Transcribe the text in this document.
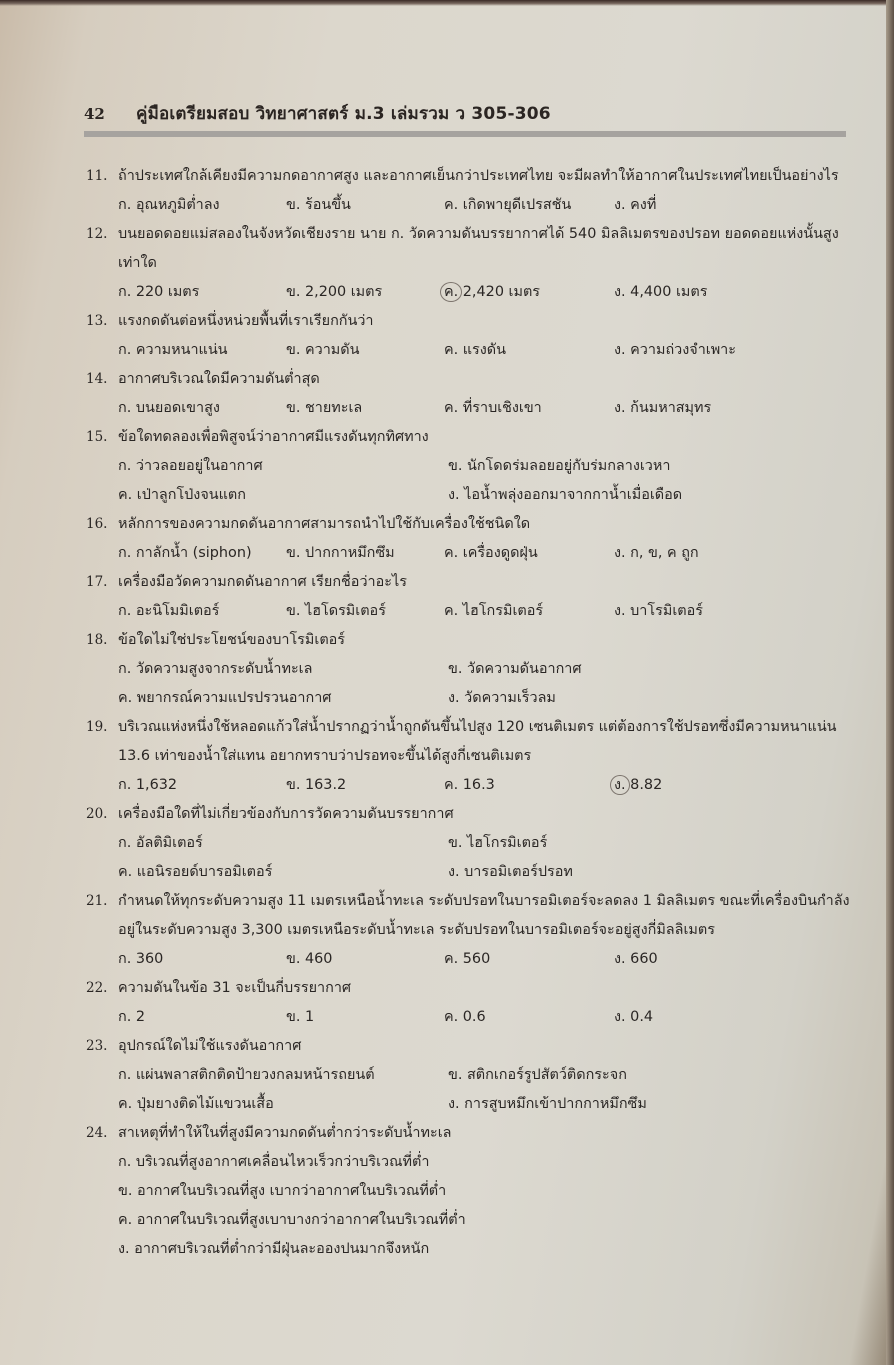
42	คู่มือเตรียมสอบ วิทยาศาสตร์ ม.3 เล่มรวม ว 305-306
11. ถ้าประเทศใกล้เคียงมีความกดอากาศสูง และอากาศเย็นกว่าประเทศไทย จะมีผลทำให้อากาศในประเทศไทยเป็นอย่างไร
ก. อุณหภูมิต่ำลง	ข. ร้อนขึ้น	ค. เกิดพายุดีเปรสชัน	ง. คงที่
12. บนยอดดอยแม่สลองในจังหวัดเชียงราย นาย ก. วัดความดันบรรยากาศได้ 540 มิลลิเมตรของปรอท ยอดดอยแห่งนั้นสูงเท่าใด
ก. 220 เมตร	ข. 2,200 เมตร	ค. 2,420 เมตร	ง. 4,400 เมตร
13. แรงกดดันต่อหนึ่งหน่วยพื้นที่เราเรียกกันว่า
ก. ความหนาแน่น	ข. ความดัน	ค. แรงดัน	ง. ความถ่วงจำเพาะ
14. อากาศบริเวณใดมีความดันต่ำสุด
ก. บนยอดเขาสูง	ข. ชายทะเล	ค. ที่ราบเชิงเขา	ง. ก้นมหาสมุทร
15. ข้อใดทดลองเพื่อพิสูจน์ว่าอากาศมีแรงดันทุกทิศทาง
ก. ว่าวลอยอยู่ในอากาศ	ข. นักโดดร่มลอยอยู่กับร่มกลางเวหา
ค. เป่าลูกโป่งจนแตก	ง. ไอน้ำพลุ่งออกมาจากกาน้ำเมื่อเดือด
16. หลักการของความกดดันอากาศสามารถนำไปใช้กับเครื่องใช้ชนิดใด
ก. กาลักน้ำ (siphon)	ข. ปากกาหมึกซึม	ค. เครื่องดูดฝุ่น	ง. ก, ข, ค ถูก
17. เครื่องมือวัดความกดดันอากาศ เรียกชื่อว่าอะไร
ก. อะนิโมมิเตอร์	ข. ไฮโดรมิเตอร์	ค. ไฮโกรมิเตอร์	ง. บาโรมิเตอร์
18. ข้อใดไม่ใช่ประโยชน์ของบาโรมิเตอร์
ก. วัดความสูงจากระดับน้ำทะเล	ข. วัดความดันอากาศ
ค. พยากรณ์ความแปรปรวนอากาศ	ง. วัดความเร็วลม
19. บริเวณแห่งหนึ่งใช้หลอดแก้วใส่น้ำปรากฏว่าน้ำถูกดันขึ้นไปสูง 120 เซนติเมตร แต่ต้องการใช้ปรอทซึ่งมีความหนาแน่น 13.6 เท่าของน้ำใส่แทน อยากทราบว่าปรอทจะขึ้นได้สูงกี่เซนติเมตร
ก. 1,632	ข. 163.2	ค. 16.3	ง. 8.82
20. เครื่องมือใดที่ไม่เกี่ยวข้องกับการวัดความดันบรรยากาศ
ก. อัลติมิเตอร์	ข. ไฮโกรมิเตอร์
ค. แอนิรอยด์บารอมิเตอร์	ง. บารอมิเตอร์ปรอท
21. กำหนดให้ทุกระดับความสูง 11 เมตรเหนือน้ำทะเล ระดับปรอทในบารอมิเตอร์จะลดลง 1 มิลลิเมตร ขณะที่เครื่องบินกำลังอยู่ในระดับความสูง 3,300 เมตรเหนือระดับน้ำทะเล ระดับปรอทในบารอมิเตอร์จะอยู่สูงกี่มิลลิเมตร
ก. 360	ข. 460	ค. 560	ง. 660
22. ความดันในข้อ 31 จะเป็นกี่บรรยากาศ
ก. 2	ข. 1	ค. 0.6	ง. 0.4
23. อุปกรณ์ใดไม่ใช้แรงดันอากาศ
ก. แผ่นพลาสติกติดป้ายวงกลมหน้ารถยนต์	ข. สติกเกอร์รูปสัตว์ติดกระจก
ค. ปุ่มยางติดไม้แขวนเสื้อ	ง. การสูบหมึกเข้าปากกาหมึกซึม
24. สาเหตุที่ทำให้ในที่สูงมีความกดดันต่ำกว่าระดับน้ำทะเล
ก. บริเวณที่สูงอากาศเคลื่อนไหวเร็วกว่าบริเวณที่ต่ำ
ข. อากาศในบริเวณที่สูง เบากว่าอากาศในบริเวณที่ต่ำ
ค. อากาศในบริเวณที่สูงเบาบางกว่าอากาศในบริเวณที่ต่ำ
ง. อากาศบริเวณที่ต่ำกว่ามีฝุ่นละอองปนมากจึงหนัก
